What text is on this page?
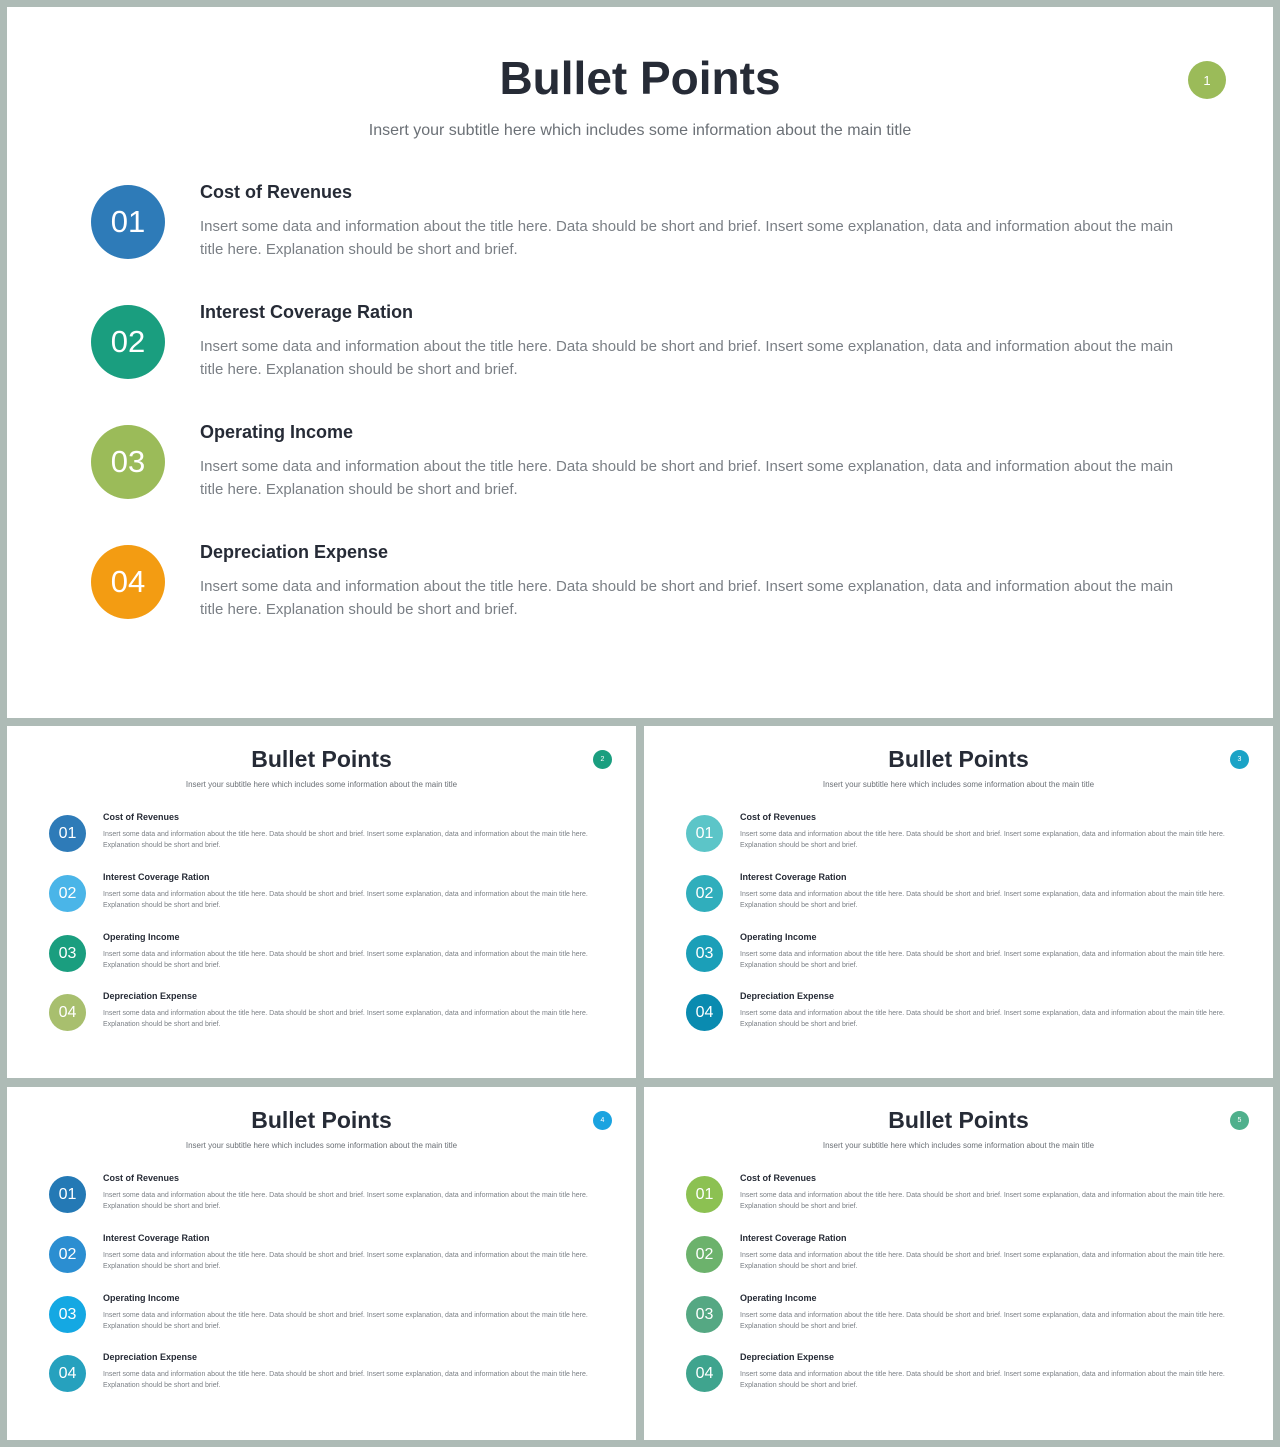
Bullet Points
Insert your subtitle here which includes some information about the main title
1
01
Cost of Revenues
Insert some data and information about the title here. Data should be short and brief. Insert some explanation, data and information about the main title here. Explanation should be short and brief.
02
Interest Coverage Ration
Insert some data and information about the title here. Data should be short and brief. Insert some explanation, data and information about the main title here. Explanation should be short and brief.
03
Operating Income
Insert some data and information about the title here. Data should be short and brief. Insert some explanation, data and information about the main title here. Explanation should be short and brief.
04
Depreciation Expense
Insert some data and information about the title here. Data should be short and brief. Insert some explanation, data and information about the main title here. Explanation should be short and brief.
Bullet Points
Insert your subtitle here which includes some information about the main title
2
01
Cost of Revenues
Insert some data and information about the title here. Data should be short and brief. Insert some explanation, data and information about the main title here. Explanation should be short and brief.
02
Interest Coverage Ration
Insert some data and information about the title here. Data should be short and brief. Insert some explanation, data and information about the main title here. Explanation should be short and brief.
03
Operating Income
Insert some data and information about the title here. Data should be short and brief. Insert some explanation, data and information about the main title here. Explanation should be short and brief.
04
Depreciation Expense
Insert some data and information about the title here. Data should be short and brief. Insert some explanation, data and information about the main title here. Explanation should be short and brief.
Bullet Points
Insert your subtitle here which includes some information about the main title
3
01
Cost of Revenues
Insert some data and information about the title here. Data should be short and brief. Insert some explanation, data and information about the main title here. Explanation should be short and brief.
02
Interest Coverage Ration
Insert some data and information about the title here. Data should be short and brief. Insert some explanation, data and information about the main title here. Explanation should be short and brief.
03
Operating Income
Insert some data and information about the title here. Data should be short and brief. Insert some explanation, data and information about the main title here. Explanation should be short and brief.
04
Depreciation Expense
Insert some data and information about the title here. Data should be short and brief. Insert some explanation, data and information about the main title here. Explanation should be short and brief.
Bullet Points
Insert your subtitle here which includes some information about the main title
4
01
Cost of Revenues
Insert some data and information about the title here. Data should be short and brief. Insert some explanation, data and information about the main title here. Explanation should be short and brief.
02
Interest Coverage Ration
Insert some data and information about the title here. Data should be short and brief. Insert some explanation, data and information about the main title here. Explanation should be short and brief.
03
Operating Income
Insert some data and information about the title here. Data should be short and brief. Insert some explanation, data and information about the main title here. Explanation should be short and brief.
04
Depreciation Expense
Insert some data and information about the title here. Data should be short and brief. Insert some explanation, data and information about the main title here. Explanation should be short and brief.
Bullet Points
Insert your subtitle here which includes some information about the main title
5
01
Cost of Revenues
Insert some data and information about the title here. Data should be short and brief. Insert some explanation, data and information about the main title here. Explanation should be short and brief.
02
Interest Coverage Ration
Insert some data and information about the title here. Data should be short and brief. Insert some explanation, data and information about the main title here. Explanation should be short and brief.
03
Operating Income
Insert some data and information about the title here. Data should be short and brief. Insert some explanation, data and information about the main title here. Explanation should be short and brief.
04
Depreciation Expense
Insert some data and information about the title here. Data should be short and brief. Insert some explanation, data and information about the main title here. Explanation should be short and brief.
